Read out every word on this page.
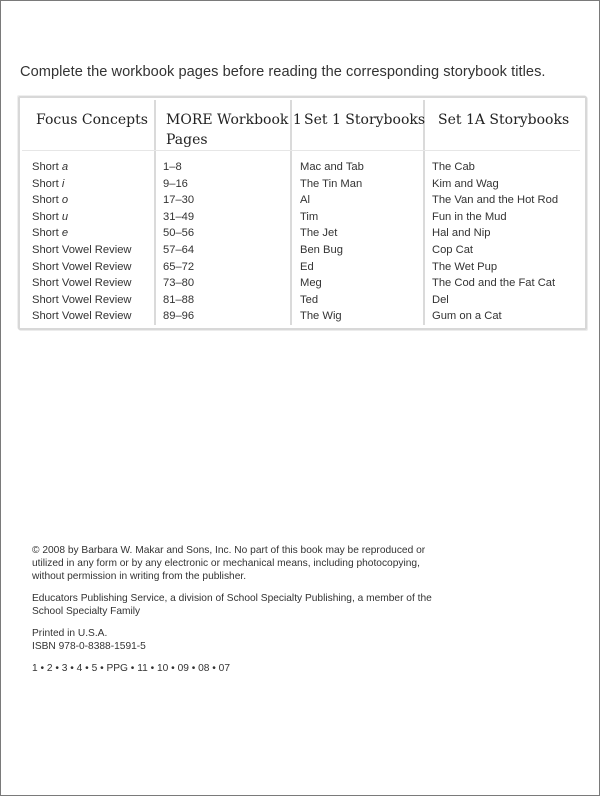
Complete the workbook pages before reading the corresponding storybook titles.
Focus Concepts MORE Workbook 1
Pages
Set 1 Storybooks Set 1A Storybooks
Short a
Short i
Short o
Short u
Short e
Short Vowel Review
Short Vowel Review
Short Vowel Review
Short Vowel Review
Short Vowel Review
1–8
9–16
17–30
31–49
50–56
57–64
65–72
73–80
81–88
89–96
Mac and Tab
The Tin Man
Al
Tim
The Jet
Ben Bug
Ed
Meg
Ted
The Wig
The Cab
Kim and Wag
The Van and the Hot Rod
Fun in the Mud
Hal and Nip
Cop Cat
The Wet Pup
The Cod and the Fat Cat
Del
Gum on a Cat

© 2008 by Barbara W. Makar and Sons, Inc. No part of this book may be reproduced or utilized in any form or by any electronic or mechanical means, including photocopying, without permission in writing from the publisher.

Educators Publishing Service, a division of School Specialty Publishing, a member of the School Specialty Family

Printed in U.S.A.
ISBN 978-0-8388-1591-5

1 • 2 • 3 • 4 • 5 • PPG • 11 • 10 • 09 • 08 • 07
